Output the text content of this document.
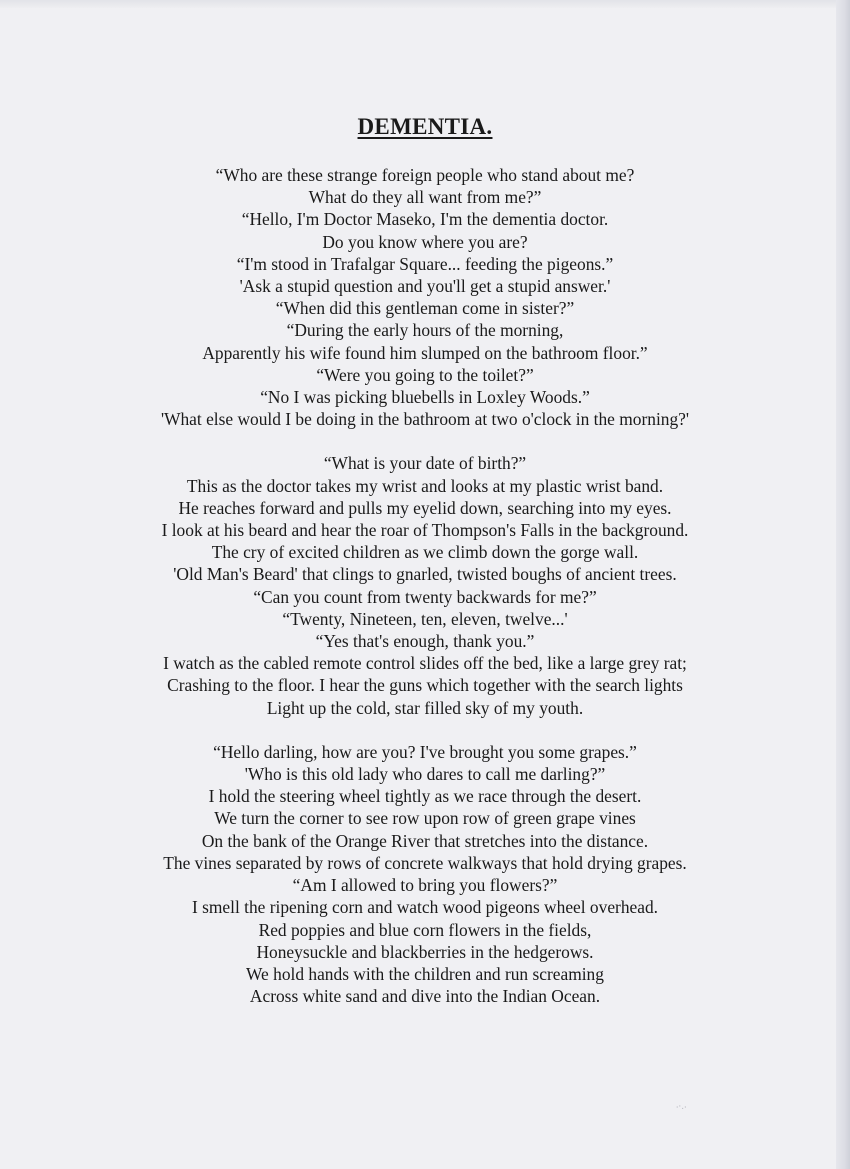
DEMENTIA.
“Who are these strange foreign people who stand about me?
What do they all want from me?”
“Hello, I'm Doctor Maseko, I'm the dementia doctor.
Do you know where you are?
“I'm stood in Trafalgar Square... feeding the pigeons.”
'Ask a stupid question and you'll get a stupid answer.'
“When did this gentleman come in sister?”
“During the early hours of the morning,
Apparently his wife found him slumped on the bathroom floor.”
“Were you going to the toilet?”
“No I was picking bluebells in Loxley Woods.”
'What else would I be doing in the bathroom at two o'clock in the morning?'
“What is your date of birth?”
This as the doctor takes my wrist and looks at my plastic wrist band.
He reaches forward and pulls my eyelid down, searching into my eyes.
I look at his beard and hear the roar of Thompson's Falls in the background.
The cry of excited children as we climb down the gorge wall.
'Old Man's Beard' that clings to gnarled, twisted boughs of ancient trees.
“Can you count from twenty backwards for me?”
“Twenty, Nineteen, ten, eleven, twelve...'
“Yes that's enough, thank you.”
I watch as the cabled remote control slides off the bed, like a large grey rat;
Crashing to the floor. I hear the guns which together with the search lights
Light up the cold, star filled sky of my youth.
“Hello darling, how are you? I've brought you some grapes.”
'Who is this old lady who dares to call me darling?”
I hold the steering wheel tightly as we race through the desert.
We turn the corner to see row upon row of green grape vines
On the bank of the Orange River that stretches into the distance.
The vines separated by rows of concrete walkways that hold drying grapes.
“Am I allowed to bring you flowers?”
I smell the ripening corn and watch wood pigeons wheel overhead.
Red poppies and blue corn flowers in the fields,
Honeysuckle and blackberries in the hedgerows.
We hold hands with the children and run screaming
Across white sand and dive into the Indian Ocean.
⸳·.⸳
